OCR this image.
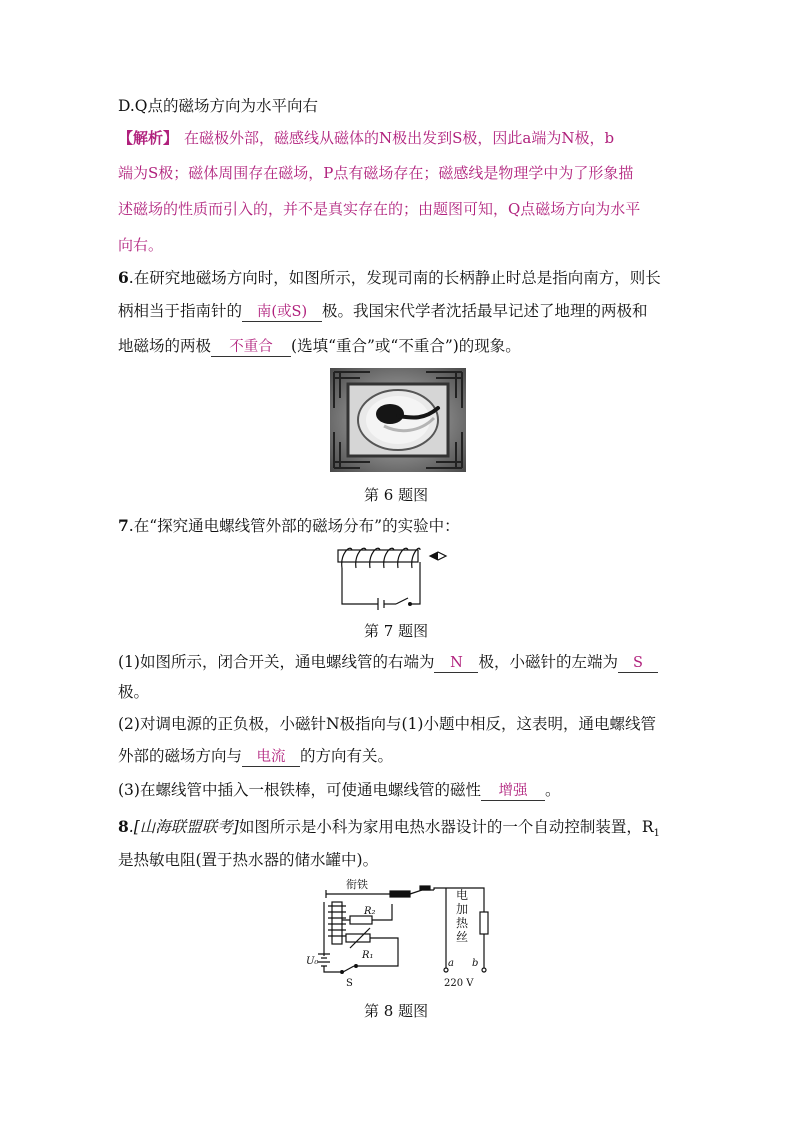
D.Q点的磁场方向为水平向右
【解析】 在磁极外部，磁感线从磁体的N极出发到S极，因此a端为N极，b
端为S极；磁体周围存在磁场，P点有磁场存在；磁感线是物理学中为了形象描
述磁场的性质而引入的，并不是真实存在的；由题图可知，Q点磁场方向为水平
向右。
6.在研究地磁场方向时，如图所示，发现司南的长柄静止时总是指向南方，则长
柄相当于指南针的 南(或S) 极。我国宋代学者沈括最早记述了地理的两极和
地磁场的两极 不重合 (选填“重合”或“不重合”)的现象。
第 6 题图
7.在“探究通电螺线管外部的磁场分布”的实验中：
第 7 题图
(1)如图所示，闭合开关，通电螺线管的右端为 N 极，小磁针的左端为 S
极。
(2)对调电源的正负极，小磁针N极指向与(1)小题中相反，这表明，通电螺线管
外部的磁场方向与 电流 的方向有关。
(3)在螺线管中插入一根铁棒，可使通电螺线管的磁性 增强 。
8.[山海联盟联考]如图所示是小科为家用电热水器设计的一个自动控制装置，$R_1$
是热敏电阻(置于热水器的储水罐中)。
衔铁
R₂
R₁
U₀
S
a b
220 V
电加热丝
第 8 题图
